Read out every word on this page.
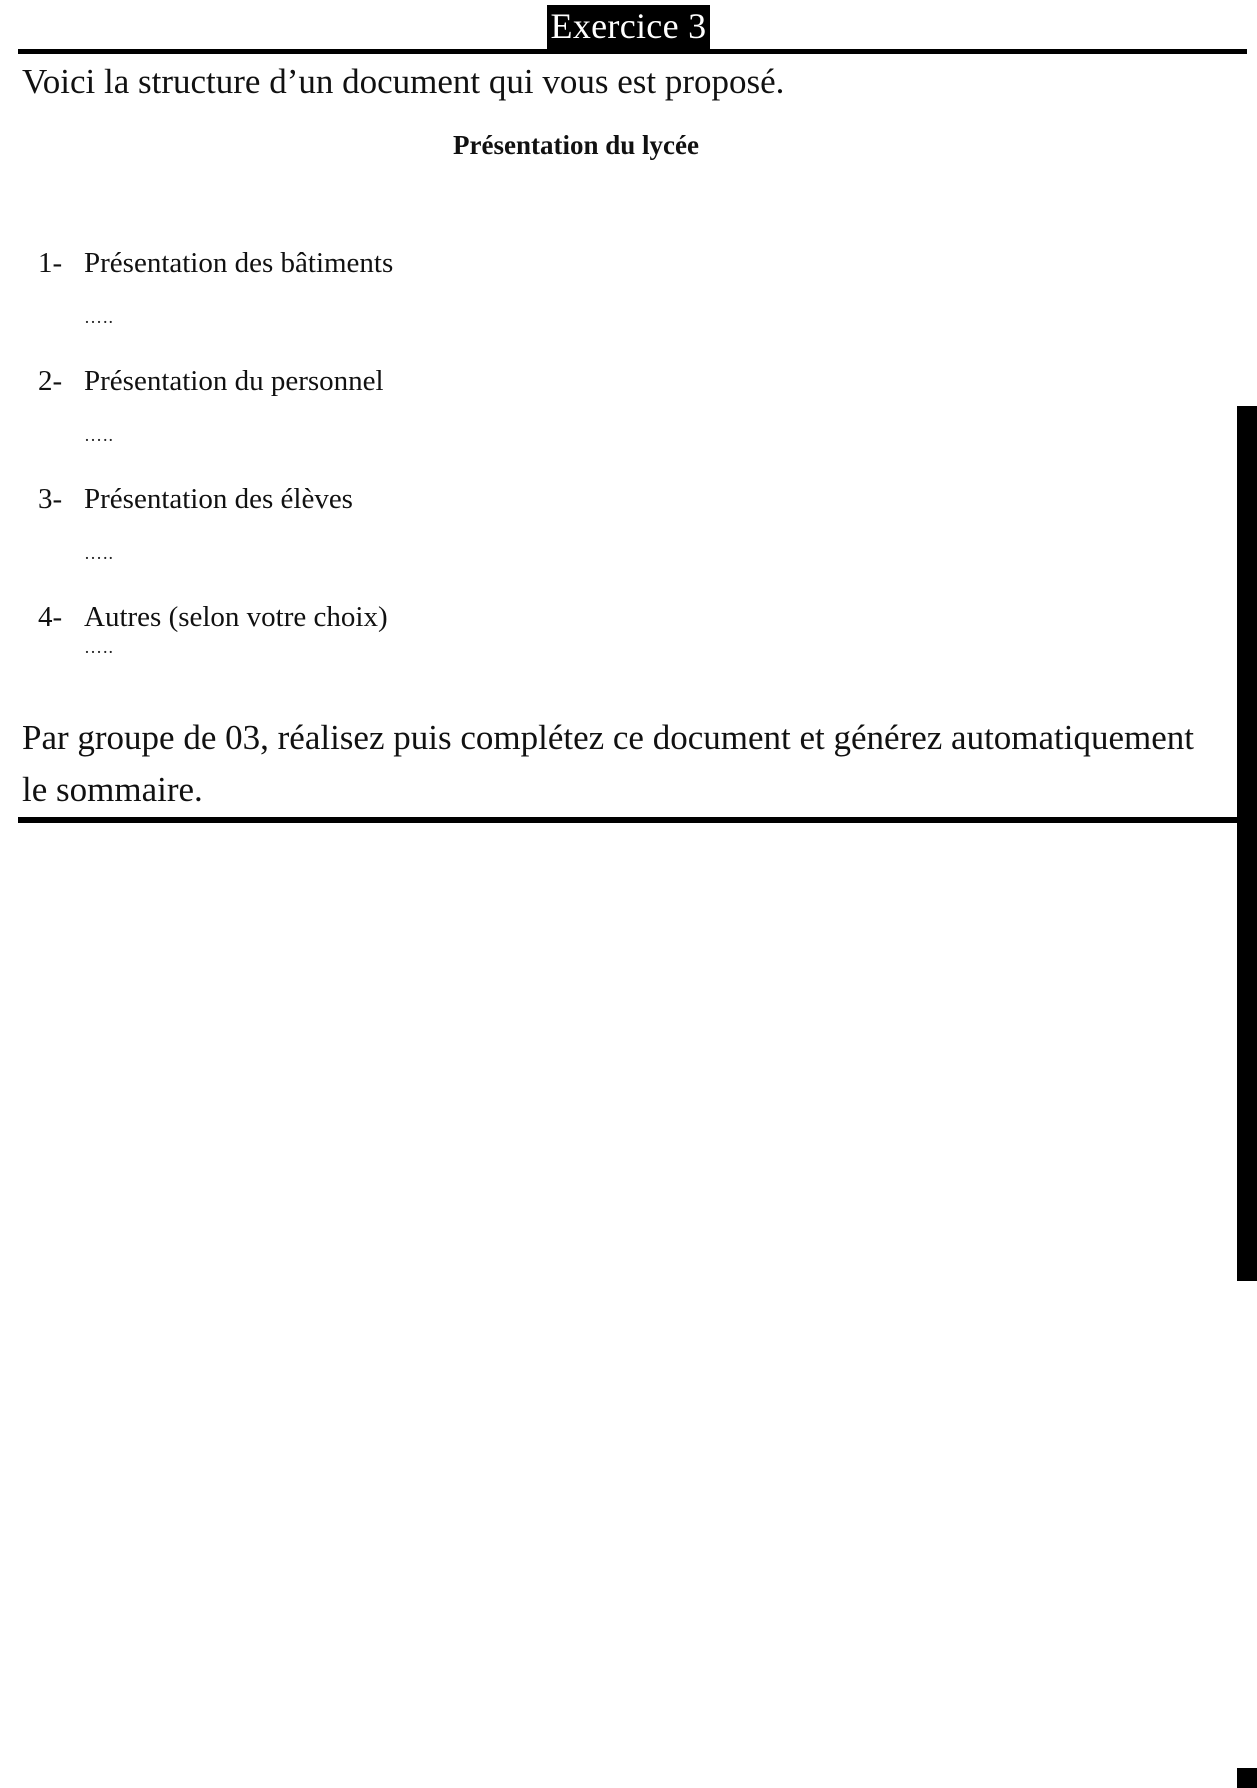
Exercice 3
Voici la structure d’un document qui vous est proposé.
Présentation du lycée
1- Présentation des bâtiments
…..
2- Présentation du personnel
…..
3- Présentation des élèves
…..
4- Autres (selon votre choix)
…..
Par groupe de 03, réalisez puis complétez ce document et générez automatiquement
le sommaire.
